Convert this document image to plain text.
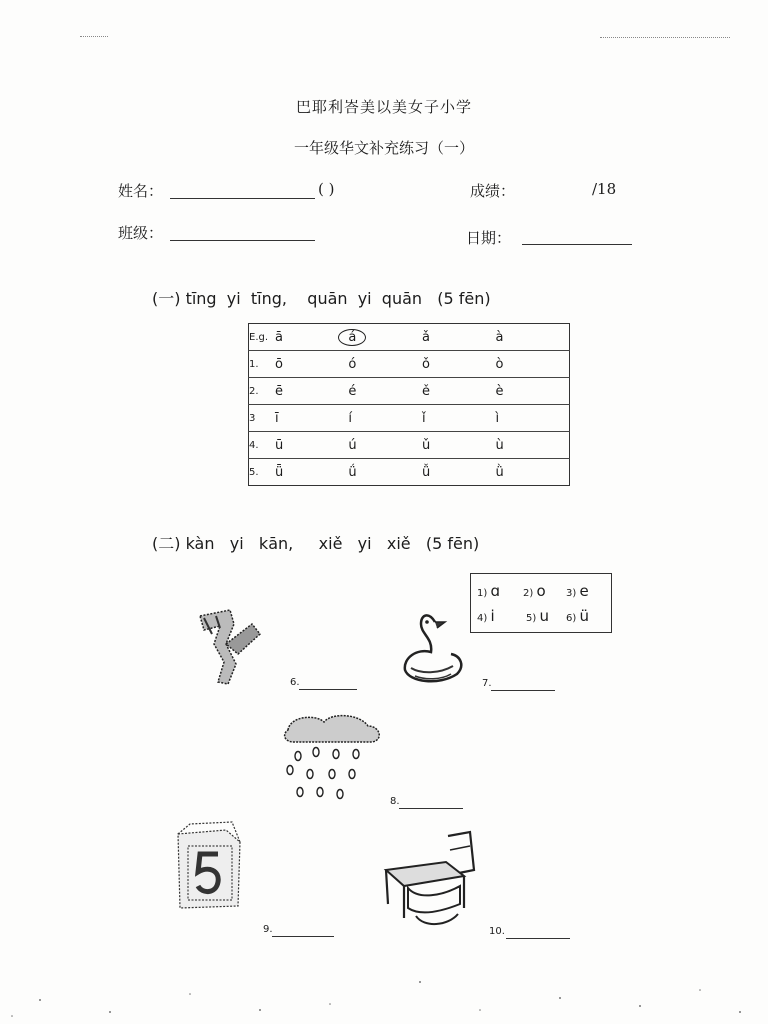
巴耶利峇美以美女子小学
一年级华文补充练习（一）
姓名：	( )	成绩：	/18
班级：	日期：
(一) tīng  yi  tīng,    quān  yi  quān   (5 fēn)
E.g.	ā	á	ǎ	à
1.	ō	ó	ǒ	ò
2.	ē	é	ě	è
3	ī	í	ǐ	ì
4.	ū	ú	ǔ	ù
5.	ǖ	ǘ	ǚ	ǜ
(二) kàn   yi   kān,     xiě   yi   xiě   (5 fēn)
1) ɑ 2) o 3) e
4) i	5) u 6) ü
6.	7.
8.
9.	10.
